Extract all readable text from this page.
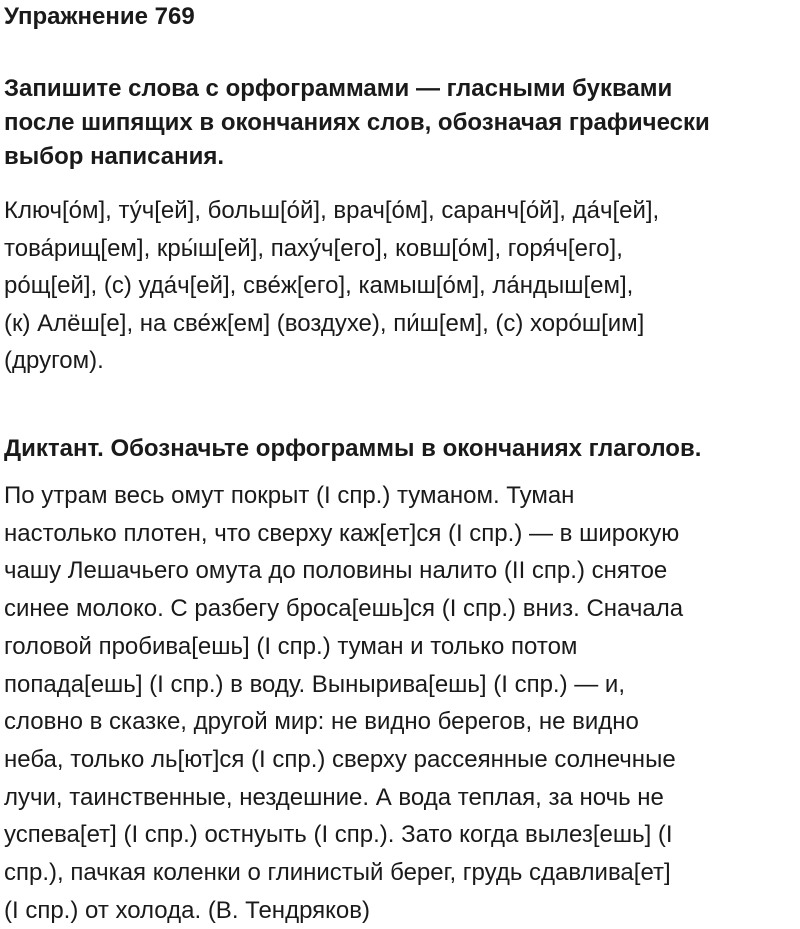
Упражнение 769
Запишите слова с орфограммами — гласными буквами
после шипящих в окончаниях слов, обозначая графически
выбор написания.
Ключ[о́м], ту́ч[ей], больш[о́й], врач[о́м], саранч[о́й], да́ч[ей],
това́рищ[ем], кры́ш[ей], паху́ч[его], ковш[о́м], горя́ч[его],
ро́щ[ей], (с) уда́ч[ей], све́ж[его], камыш[о́м], ла́ндыш[ем],
(к) Алёш[е], на све́ж[ем] (воздухе), пи́ш[ем], (с) хоро́ш[им]
(другом).
Диктант. Обозначьте орфограммы в окончаниях глаголов.
По утрам весь омут покрыт (I спр.) туманом. Туман
настолько плотен, что сверху каж[ет]ся (I спр.) — в широкую
чашу Лешачьего омута до половины налито (II спр.) снятое
синее молоко. С разбегу броса[ешь]ся (I спр.) вниз. Сначала
головой пробива[ешь] (I спр.) туман и только потом
попада[ешь] (I спр.) в воду. Вынырива[ешь] (I спр.) — и,
словно в сказке, другой мир: не видно берегов, не видно
неба, только ль[ют]ся (I спр.) сверху рассеянные солнечные
лучи, таинственные, нездешние. А вода теплая, за ночь не
успева[ет] (I спр.) остнуыть (I спр.). Зато когда вылез[ешь] (I
спр.), пачкая коленки о глинистый берег, грудь сдавлива[ет]
(I спр.) от холода. (В. Тендряков)
